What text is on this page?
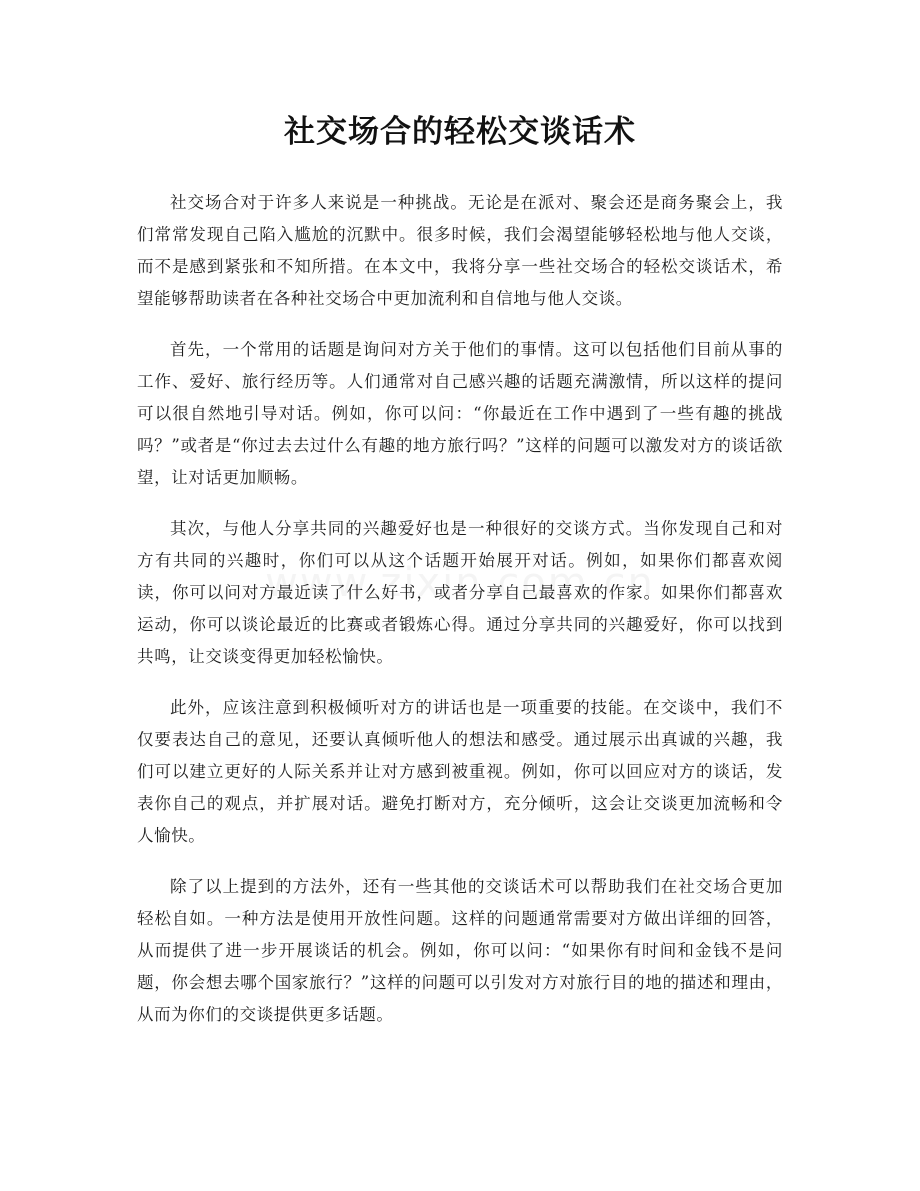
社交场合的轻松交谈话术

社交场合对于许多人来说是一种挑战。无论是在派对、聚会还是商务聚会上，我们常常发现自己陷入尴尬的沉默中。很多时候，我们会渴望能够轻松地与他人交谈，而不是感到紧张和不知所措。在本文中，我将分享一些社交场合的轻松交谈话术，希望能够帮助读者在各种社交场合中更加流利和自信地与他人交谈。

首先，一个常用的话题是询问对方关于他们的事情。这可以包括他们目前从事的工作、爱好、旅行经历等。人们通常对自己感兴趣的话题充满激情，所以这样的提问可以很自然地引导对话。例如，你可以问：“你最近在工作中遇到了一些有趣的挑战吗？”或者是“你过去去过什么有趣的地方旅行吗？”这样的问题可以激发对方的谈话欲望，让对话更加顺畅。

其次，与他人分享共同的兴趣爱好也是一种很好的交谈方式。当你发现自己和对方有共同的兴趣时，你们可以从这个话题开始展开对话。例如，如果你们都喜欢阅读，你可以问对方最近读了什么好书，或者分享自己最喜欢的作家。如果你们都喜欢运动，你可以谈论最近的比赛或者锻炼心得。通过分享共同的兴趣爱好，你可以找到共鸣，让交谈变得更加轻松愉快。

此外，应该注意到积极倾听对方的讲话也是一项重要的技能。在交谈中，我们不仅要表达自己的意见，还要认真倾听他人的想法和感受。通过展示出真诚的兴趣，我们可以建立更好的人际关系并让对方感到被重视。例如，你可以回应对方的谈话，发表你自己的观点，并扩展对话。避免打断对方，充分倾听，这会让交谈更加流畅和令人愉快。

除了以上提到的方法外，还有一些其他的交谈话术可以帮助我们在社交场合更加轻松自如。一种方法是使用开放性问题。这样的问题通常需要对方做出详细的回答，从而提供了进一步开展谈话的机会。例如，你可以问：“如果你有时间和金钱不是问题，你会想去哪个国家旅行？”这样的问题可以引发对方对旅行目的地的描述和理由，从而为你们的交谈提供更多话题。
